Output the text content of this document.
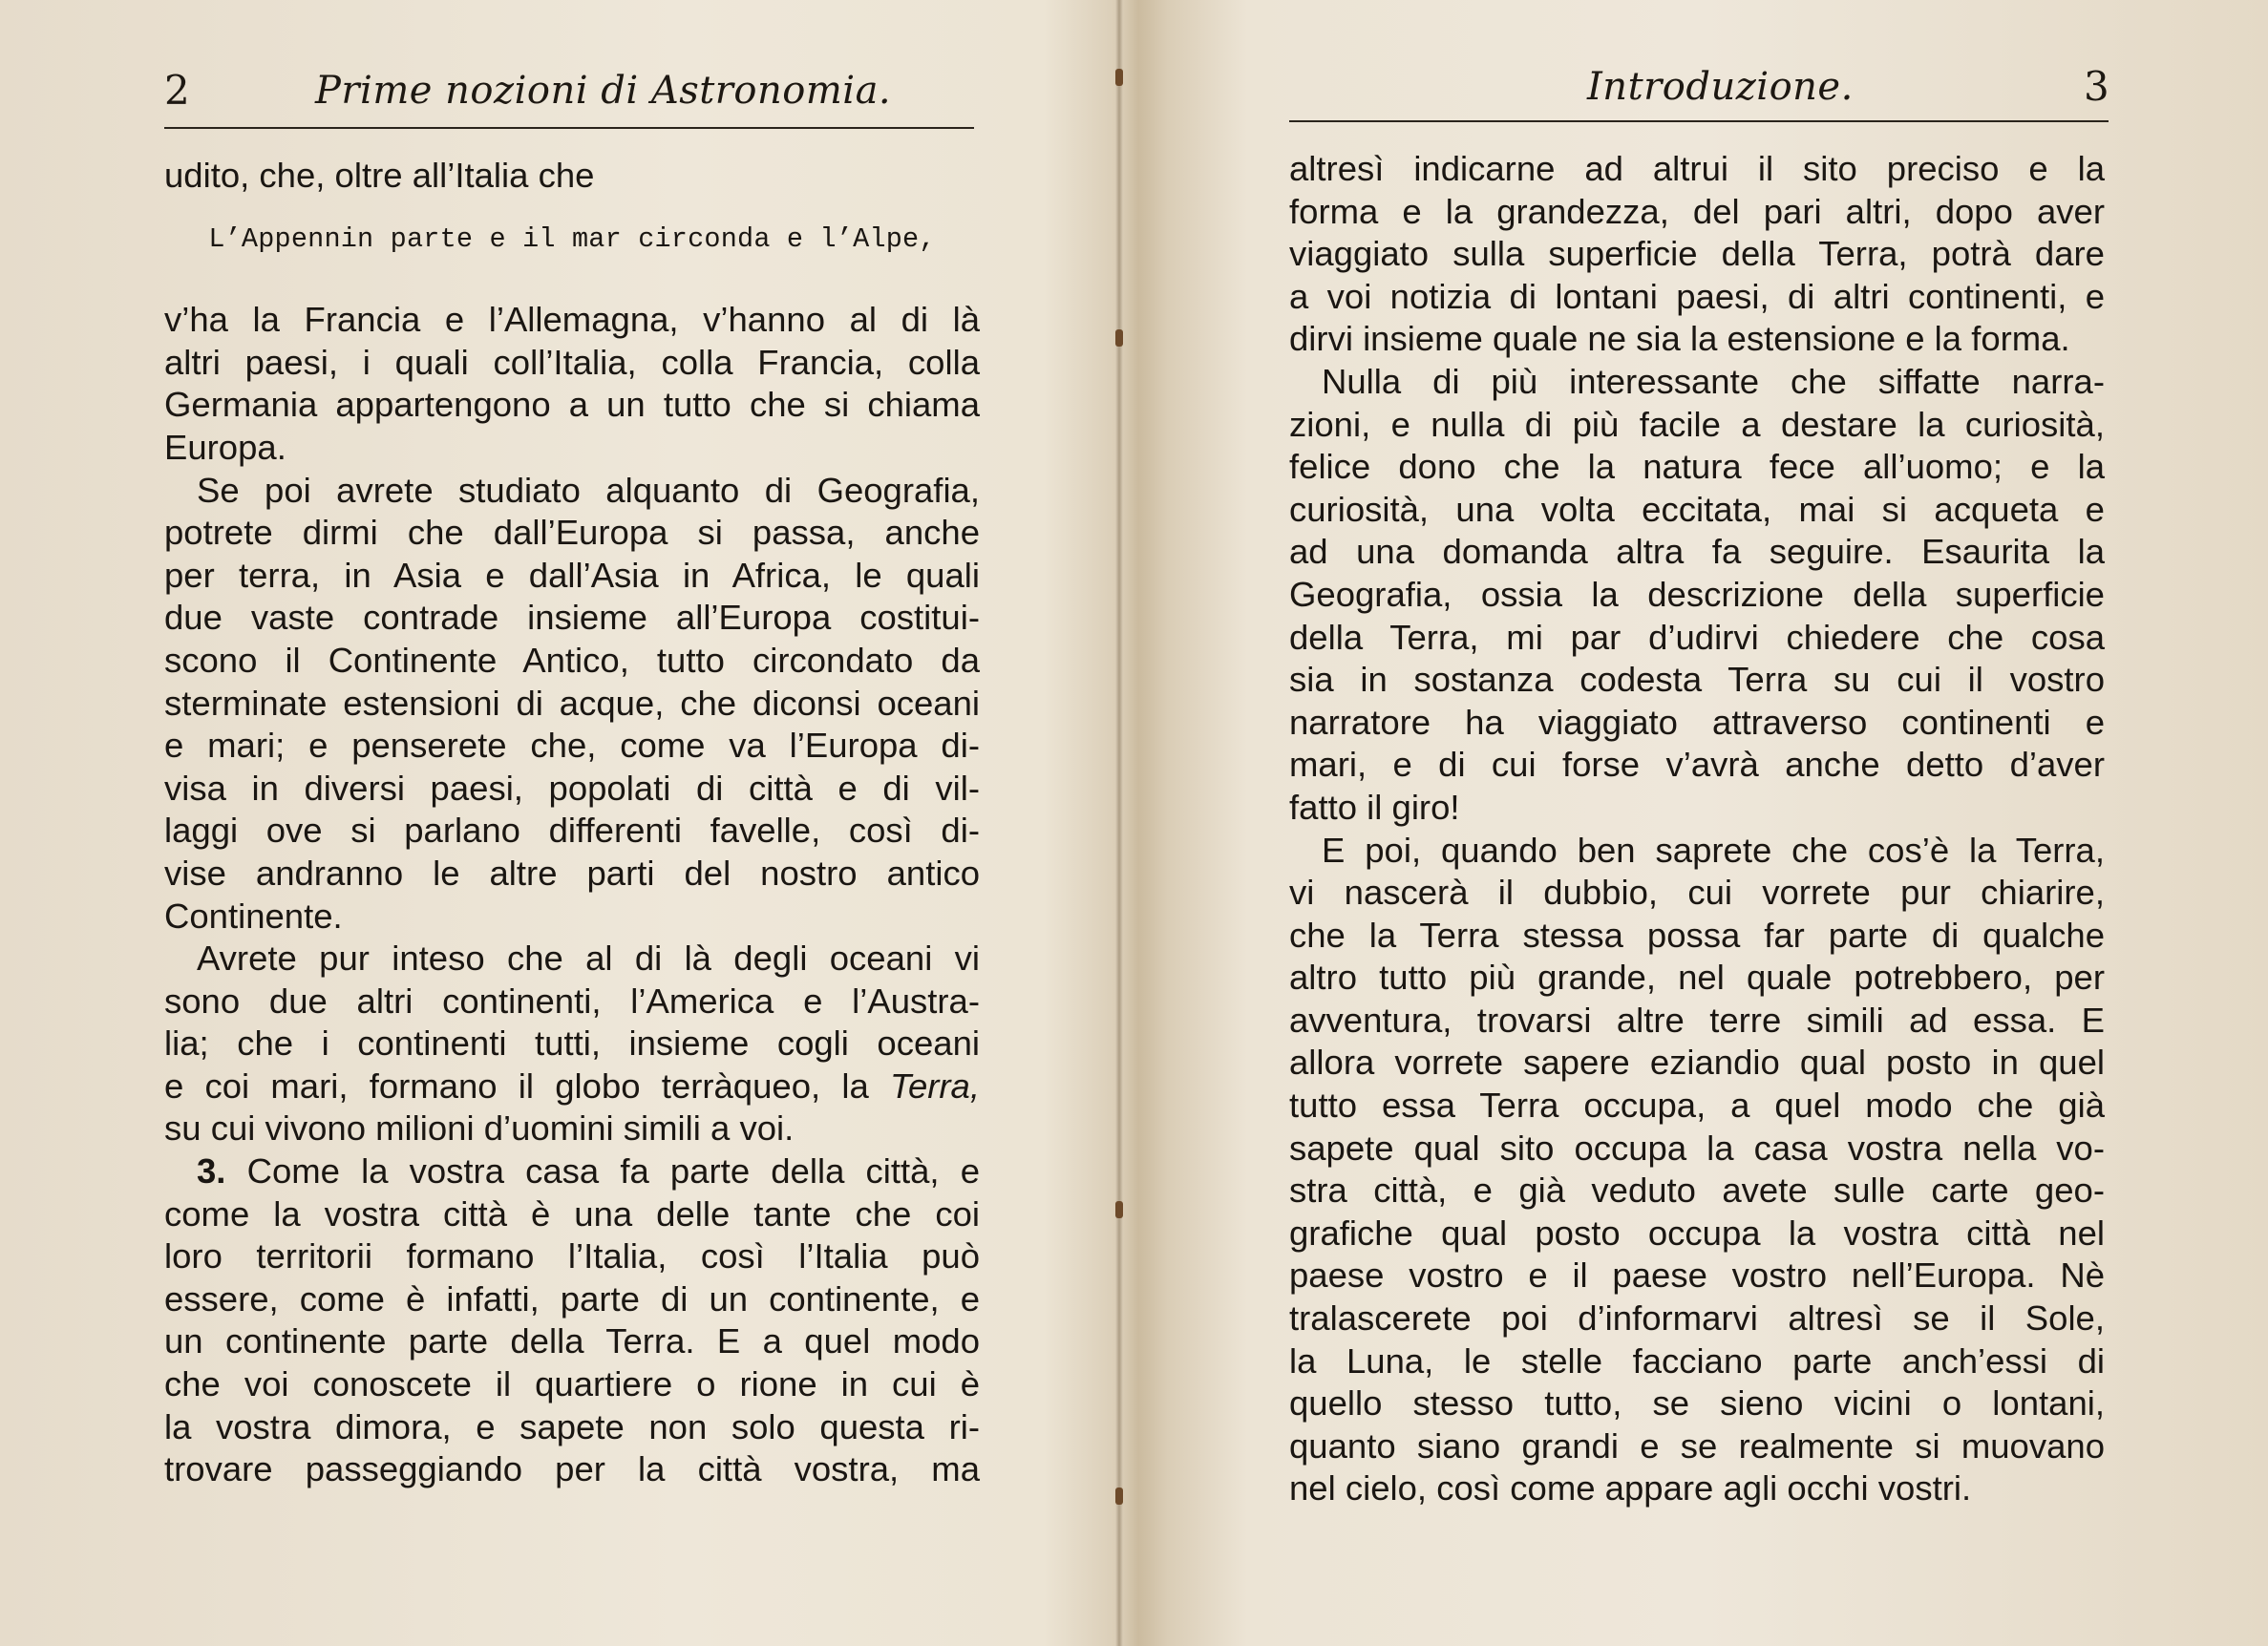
2	Prime nozioni di Astronomia.
udito, che, oltre all’Italia che
L’Appennin parte e il mar circonda e l’Alpe,
v’ha la Francia e l’Allemagna, v’hanno al di là
altri paesi, i quali coll’Italia, colla Francia, colla
Germania appartengono a un tutto che si chiama
Europa.
Se poi avrete studiato alquanto di Geografia,
potrete dirmi che dall’Europa si passa, anche
per terra, in Asia e dall’Asia in Africa, le quali
due vaste contrade insieme all’Europa costitui-
scono il Continente Antico, tutto circondato da
sterminate estensioni di acque, che diconsi oceani
e mari; e penserete che, come va l’Europa di-
visa in diversi paesi, popolati di città e di vil-
laggi ove si parlano differenti favelle, così di-
vise andranno le altre parti del nostro antico
Continente.
Avrete pur inteso che al di là degli oceani vi
sono due altri continenti, l’America e l’Austra-
lia; che i continenti tutti, insieme cogli oceani
e coi mari, formano il globo terràqueo, la Terra,
su cui vivono milioni d’uomini simili a voi.
3. Come la vostra casa fa parte della città, e
come la vostra città è una delle tante che coi
loro territorii formano l’Italia, così l’Italia può
essere, come è infatti, parte di un continente, e
un continente parte della Terra. E a quel modo
che voi conoscete il quartiere o rione in cui è
la vostra dimora, e sapete non solo questa ri-
trovare passeggiando per la città vostra, ma
Introduzione.	3
altresì indicarne ad altrui il sito preciso e la
forma e la grandezza, del pari altri, dopo aver
viaggiato sulla superficie della Terra, potrà dare
a voi notizia di lontani paesi, di altri continenti, e
dirvi insieme quale ne sia la estensione e la forma.
Nulla di più interessante che siffatte narra-
zioni, e nulla di più facile a destare la curiosità,
felice dono che la natura fece all’uomo; e la
curiosità, una volta eccitata, mai si acqueta e
ad una domanda altra fa seguire. Esaurita la
Geografia, ossia la descrizione della superficie
della Terra, mi par d’udirvi chiedere che cosa
sia in sostanza codesta Terra su cui il vostro
narratore ha viaggiato attraverso continenti e
mari, e di cui forse v’avrà anche detto d’aver
fatto il giro!
E poi, quando ben saprete che cos’è la Terra,
vi nascerà il dubbio, cui vorrete pur chiarire,
che la Terra stessa possa far parte di qualche
altro tutto più grande, nel quale potrebbero, per
avventura, trovarsi altre terre simili ad essa. E
allora vorrete sapere eziandio qual posto in quel
tutto essa Terra occupa, a quel modo che già
sapete qual sito occupa la casa vostra nella vo-
stra città, e già veduto avete sulle carte geo-
grafiche qual posto occupa la vostra città nel
paese vostro e il paese vostro nell’Europa. Nè
tralascerete poi d’informarvi altresì se il Sole,
la Luna, le stelle facciano parte anch’essi di
quello stesso tutto, se sieno vicini o lontani,
quanto siano grandi e se realmente si muovano
nel cielo, così come appare agli occhi vostri.
